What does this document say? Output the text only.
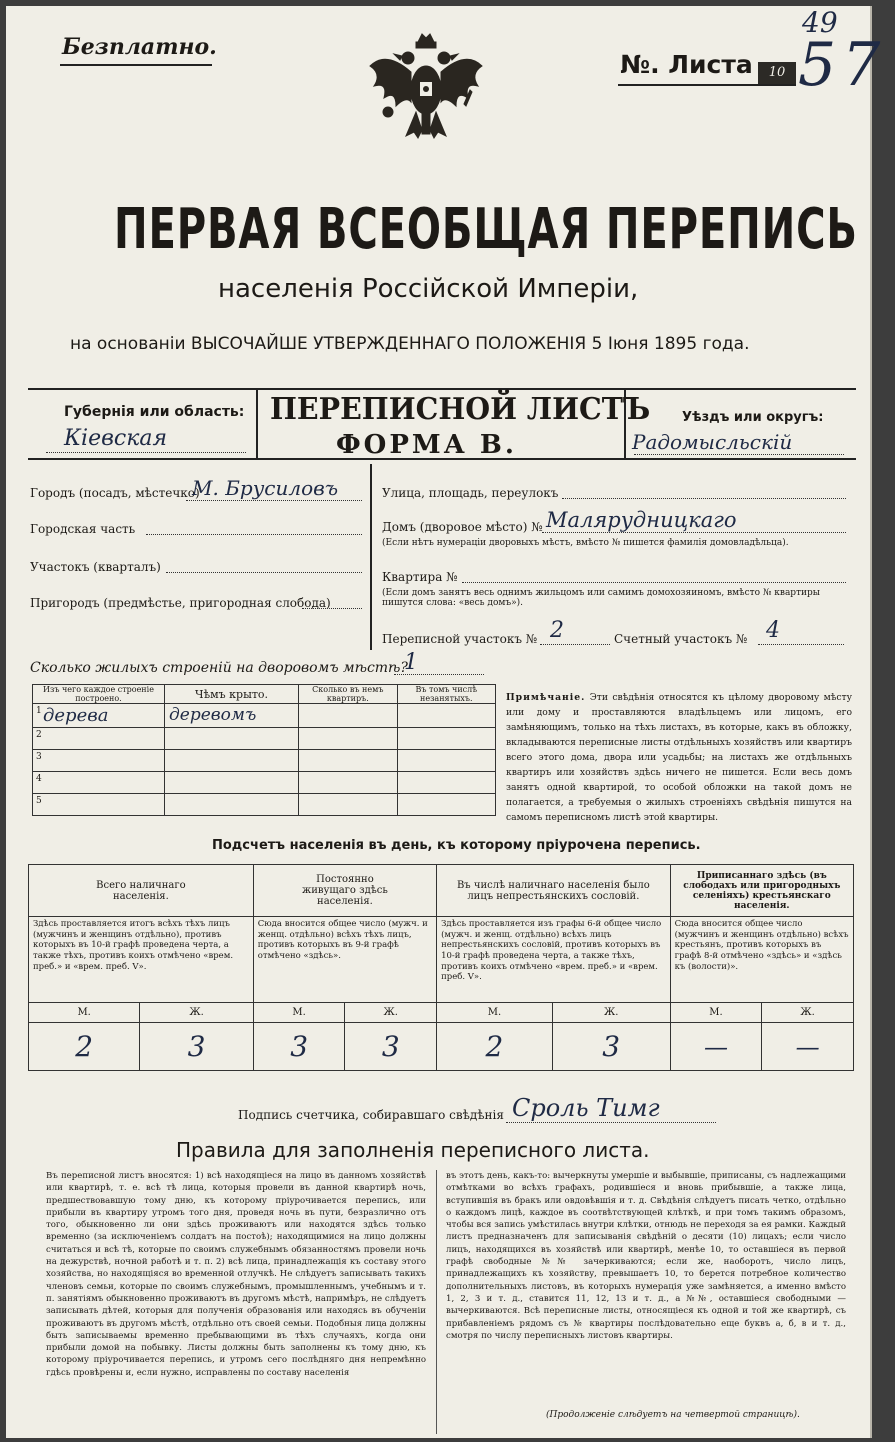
Безплатно.
№. Листа	10
49
57
ПЕРВАЯ ВСЕОБЩАЯ ПЕРЕПИСЬ
населенія Россійской Имперіи,
на основаніи ВЫСОЧАЙШЕ УТВЕРЖДЕННАГО ПОЛОЖЕНІЯ 5 Іюня 1895 года.
Губернія или область:
Кіевская
ПЕРЕПИСНОЙ ЛИСТЪ
ФОРМА В.
Уѣздъ или округъ:
Радомысльскій
Городъ (посадъ, мѣстечко)
М. Брусиловъ
Городская часть
Участокъ (кварталъ)
Пригородъ (предмѣстье, пригородная слобода)
Улица, площадь, переулокъ
Домъ (дворовое мѣсто) № Малярудницкаго
(Если нѣтъ нумераціи дворовыхъ мѣстъ, вмѣсто № пишется фамилія домовладѣльца).
Квартира №
(Если домъ занятъ весь однимъ жильцомъ или самимъ домохозяиномъ, вмѣсто № квартиры пишутся слова: «весь домъ»).
Переписной участокъ № 2	Счетный участокъ № 4
Сколько жилыхъ строеній на дворовомъ мѣстѣ?
1
Изъ чего каждое строеніе построено.	Чѣмъ крыто.	Сколько въ немъ квартиръ.	Въ томъ числѣ незанятыхъ.

1 дерева	деревомъ		

2			

3			

4			

5			

Примѣчаніе. Эти свѣдѣнія относятся къ цѣлому дворовому мѣсту или дому и проставляются владѣльцемъ или лицомъ, его замѣняющимъ, только на тѣхъ листахъ, въ которые, какъ въ обложку, вкладываются переписные листы отдѣльныхъ хозяйствъ или квартиръ всего этого дома, двора или усадьбы; на листахъ же отдѣльныхъ квартиръ или хозяйствъ здѣсь ничего не пишется. Если весь домъ занятъ одной квартирой, то особой обложки на такой домъ не полагается, а требуемыя о жилыхъ строеніяхъ свѣдѣнія пишутся на самомъ переписномъ листѣ этой квартиры.
Подсчетъ населенія въ день, къ которому пріурочена перепись.
Всего наличнаго населенія.		Постоянно живущаго здѣсь населенія.		Въ числѣ наличнаго населенія было лицъ непрестьянскихъ сословій.		Приписаннаго здѣсь (въ слободахъ или пригородныхъ селеніяхъ) крестьянскаго населенія.	
Здѣсь проставляется итогъ всѣхъ тѣхъ лицъ (мужчинъ и женщинъ отдѣльно), противъ которыхъ въ 10-й графѣ проведена черта, а также тѣхъ, противъ коихъ отмѣчено «врем. преб.» и «врем. преб. V».		Сюда вносится общее число (мужч. и женщ. отдѣльно) всѣхъ тѣхъ лицъ, противъ которыхъ въ 9-й графѣ отмѣчено «здѣсь».		Здѣсь проставляется изъ графы 6-й общее число (мужч. и женщ. отдѣльно) всѣхъ лицъ непрестьянскихъ сословій, противъ которыхъ въ 10-й графѣ проведена черта, а также тѣхъ, противъ коихъ отмѣчено «врем. преб.» и «врем. преб. V».		Сюда вносится общее число (мужчинъ и женщинъ отдѣльно) всѣхъ крестьянъ, противъ которыхъ въ графѣ 8-й отмѣчено «здѣсь» и «здѣсь къ (волости)».	
М.	Ж.	М.	Ж.	М.	Ж.	М.	Ж.
2	3	3	3	2	3	—	—
Подпись счетчика, собиравшаго свѣдѣнія Сроль Тимг
Правила для заполненія переписного листа.
Въ переписной листъ вносятся: 1) всѣ находящіеся на лицо въ данномъ хозяйствѣ или квартирѣ, т. е. всѣ тѣ лица, которыя провели въ данной квартирѣ ночь, предшествовавшую тому дню, къ которому пріурочивается перепись, или прибыли въ квартиру утромъ того дня, проведя ночь въ пути, безразлично отъ того, обыкновенно ли они здѣсь проживаютъ или находятся здѣсь только временно (за исключеніемъ солдатъ на постоѣ); находящимися на лицо должны считаться и всѣ тѣ, которые по своимъ служебнымъ обязанностямъ провели ночь на дежурствѣ, ночной работѣ и т. п. 2) всѣ лица, принадлежащія къ составу этого хозяйства, но находящіяся во временной отлучкѣ. Не слѣдуетъ записывать такихъ членовъ семьи, которые по своимъ служебнымъ, промышленнымъ, учебнымъ и т. п. занятіямъ обыкновенно проживаютъ въ другомъ мѣстѣ, напримѣръ, не слѣдуетъ записывать дѣтей, которыя для полученія образованія или находясь въ обученіи проживаютъ въ другомъ мѣстѣ, отдѣльно отъ своей семьи. Подобныя лица должны быть записываемы временно пребывающими въ тѣхъ случаяхъ, когда они прибыли домой на побывку. Листы должны быть заполнены къ тому дню, къ которому пріурочивается перепись, и утромъ сего послѣдняго дня непремѣнно гдѣсь провѣрены и, если нужно, исправлены по составу населенія
въ этотъ день, какъ-то: вычеркнуты умершіе и выбывшіе, приписаны, съ надлежащими отмѣтками во всѣхъ графахъ, родившіеся и вновь прибывшіе, а также лица, вступившія въ бракъ или овдовѣвшія и т. д. Свѣдѣнія слѣдуетъ писать четко, отдѣльно о каждомъ лицѣ, каждое въ соотвѣтствующей клѣткѣ, и при томъ такимъ образомъ, чтобы вся запись умѣстилась внутри клѣтки, отнюдь не переходя за ея рамки. Каждый листъ предназначенъ для записыванія свѣдѣній о десяти (10) лицахъ; если число лицъ, находящихся въ хозяйствѣ или квартирѣ, менѣе 10, то оставшіеся въ первой графѣ свободные №№ зачеркиваются; если же, наоборотъ, число лицъ, принадлежащихъ къ хозяйству, превышаетъ 10, то берется потребное количество дополнительныхъ листовъ, въ которыхъ нумерація уже замѣняется, а именно вмѣсто 1, 2, 3 и т. д., ставится 11, 12, 13 и т. д., а №№, оставшіеся свободными — вычеркиваются. Всѣ переписные листы, относящіеся къ одной и той же квартирѣ, съ прибавленіемъ рядомъ съ № квартиры послѣдовательно еще буквъ а, б, в и т. д., смотря по числу переписныхъ листовъ квартиры.
(Продолженіе слѣдуетъ на четвертой страницѣ).
